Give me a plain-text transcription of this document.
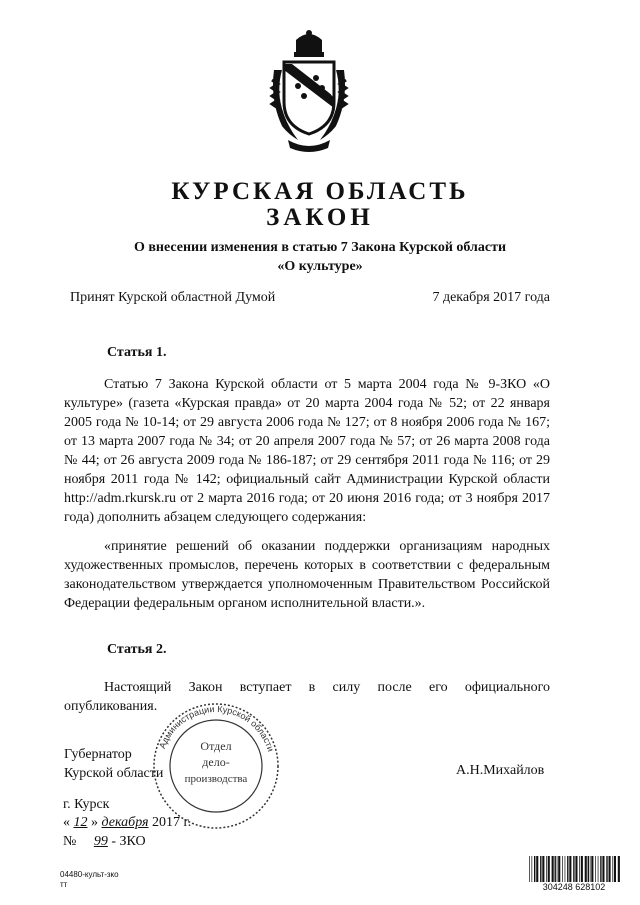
КУРСКАЯ ОБЛАСТЬ
ЗАКОН
О внесении изменения в статью 7 Закона Курской области
«О культуре»
Принят Курской областной Думой	7 декабря 2017 года
Статья 1.

Статью 7 Закона Курской области от 5 марта 2004 года № 9-ЗКО «О культуре» (газета «Курская правда» от 20 марта 2004 года № 52; от 22 января 2005 года № 10-14; от 29 августа 2006 года № 127; от 8 ноября 2006 года № 167; от 13 марта 2007 года № 34; от 20 апреля 2007 года № 57; от 26 марта 2008 года № 44; от 26 августа 2009 года № 186-187; от 29 сентября 2011 года № 116; от 29 ноября 2011 года № 142; официальный сайт Администрации Курской области http://adm.rkursk.ru от 2 марта 2016 года; от 20 июня 2016 года; от 3 ноября 2017 года) дополнить абзацем следующего содержания:

«принятие решений об оказании поддержки организациям народных художественных промыслов, перечень которых в соответствии с федеральным законодательством утверждается уполномоченным Правительством Российской Федерации федеральным органом исполнительной власти.».

Статья 2.

Настоящий Закон вступает в силу после его официального опубликования.

Администрации Курской области
Отдел
дело-
производства
Губернатор
Курской области	А.Н.Михайлов
г. Курск
« 12 » декабря 2017 г.
№ 99 - ЗКО
04480-культ-зко
тт	304248 628102
